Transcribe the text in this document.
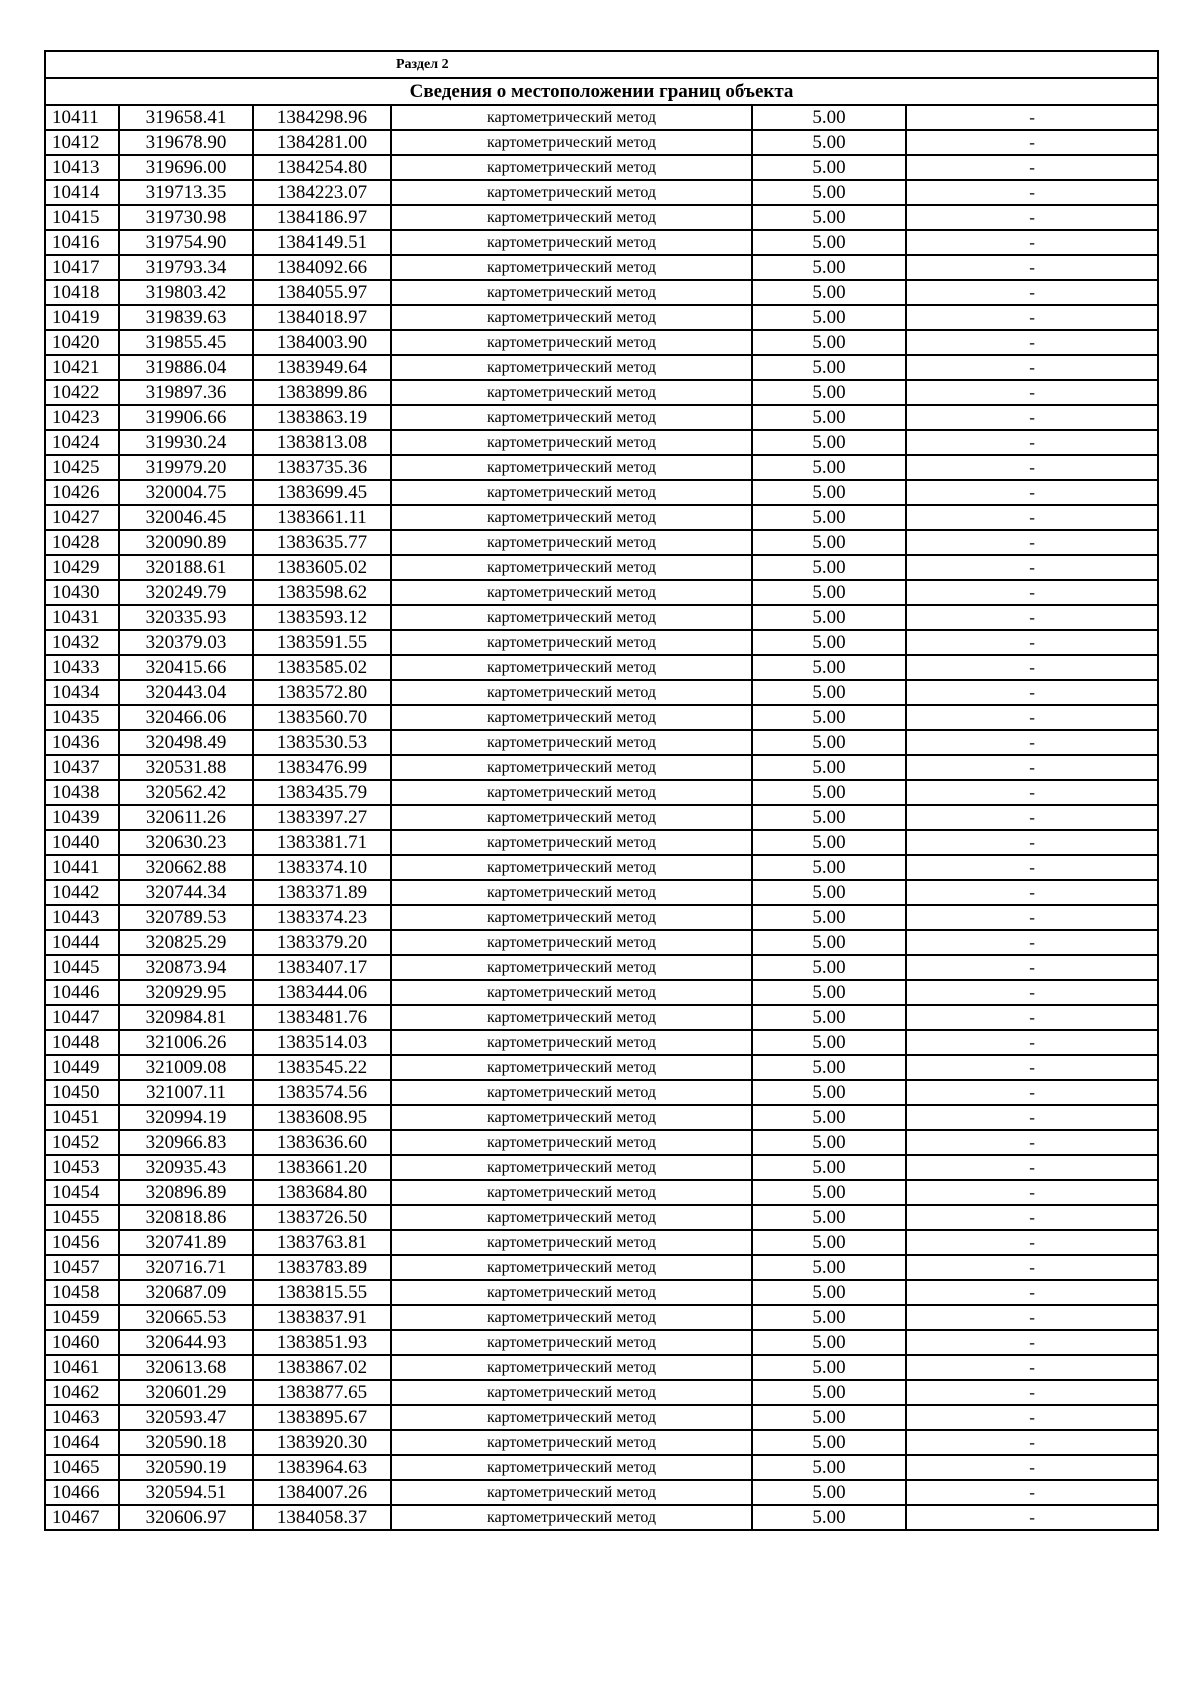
Раздел 2					
Сведения о местоположении границ объекта					
10411	319658.41	1384298.96	картометрический метод	5.00	-
10412	319678.90	1384281.00	картометрический метод	5.00	-
10413	319696.00	1384254.80	картометрический метод	5.00	-
10414	319713.35	1384223.07	картометрический метод	5.00	-
10415	319730.98	1384186.97	картометрический метод	5.00	-
10416	319754.90	1384149.51	картометрический метод	5.00	-
10417	319793.34	1384092.66	картометрический метод	5.00	-
10418	319803.42	1384055.97	картометрический метод	5.00	-
10419	319839.63	1384018.97	картометрический метод	5.00	-
10420	319855.45	1384003.90	картометрический метод	5.00	-
10421	319886.04	1383949.64	картометрический метод	5.00	-
10422	319897.36	1383899.86	картометрический метод	5.00	-
10423	319906.66	1383863.19	картометрический метод	5.00	-
10424	319930.24	1383813.08	картометрический метод	5.00	-
10425	319979.20	1383735.36	картометрический метод	5.00	-
10426	320004.75	1383699.45	картометрический метод	5.00	-
10427	320046.45	1383661.11	картометрический метод	5.00	-
10428	320090.89	1383635.77	картометрический метод	5.00	-
10429	320188.61	1383605.02	картометрический метод	5.00	-
10430	320249.79	1383598.62	картометрический метод	5.00	-
10431	320335.93	1383593.12	картометрический метод	5.00	-
10432	320379.03	1383591.55	картометрический метод	5.00	-
10433	320415.66	1383585.02	картометрический метод	5.00	-
10434	320443.04	1383572.80	картометрический метод	5.00	-
10435	320466.06	1383560.70	картометрический метод	5.00	-
10436	320498.49	1383530.53	картометрический метод	5.00	-
10437	320531.88	1383476.99	картометрический метод	5.00	-
10438	320562.42	1383435.79	картометрический метод	5.00	-
10439	320611.26	1383397.27	картометрический метод	5.00	-
10440	320630.23	1383381.71	картометрический метод	5.00	-
10441	320662.88	1383374.10	картометрический метод	5.00	-
10442	320744.34	1383371.89	картометрический метод	5.00	-
10443	320789.53	1383374.23	картометрический метод	5.00	-
10444	320825.29	1383379.20	картометрический метод	5.00	-
10445	320873.94	1383407.17	картометрический метод	5.00	-
10446	320929.95	1383444.06	картометрический метод	5.00	-
10447	320984.81	1383481.76	картометрический метод	5.00	-
10448	321006.26	1383514.03	картометрический метод	5.00	-
10449	321009.08	1383545.22	картометрический метод	5.00	-
10450	321007.11	1383574.56	картометрический метод	5.00	-
10451	320994.19	1383608.95	картометрический метод	5.00	-
10452	320966.83	1383636.60	картометрический метод	5.00	-
10453	320935.43	1383661.20	картометрический метод	5.00	-
10454	320896.89	1383684.80	картометрический метод	5.00	-
10455	320818.86	1383726.50	картометрический метод	5.00	-
10456	320741.89	1383763.81	картометрический метод	5.00	-
10457	320716.71	1383783.89	картометрический метод	5.00	-
10458	320687.09	1383815.55	картометрический метод	5.00	-
10459	320665.53	1383837.91	картометрический метод	5.00	-
10460	320644.93	1383851.93	картометрический метод	5.00	-
10461	320613.68	1383867.02	картометрический метод	5.00	-
10462	320601.29	1383877.65	картометрический метод	5.00	-
10463	320593.47	1383895.67	картометрический метод	5.00	-
10464	320590.18	1383920.30	картометрический метод	5.00	-
10465	320590.19	1383964.63	картометрический метод	5.00	-
10466	320594.51	1384007.26	картометрический метод	5.00	-
10467	320606.97	1384058.37	картометрический метод	5.00	-
